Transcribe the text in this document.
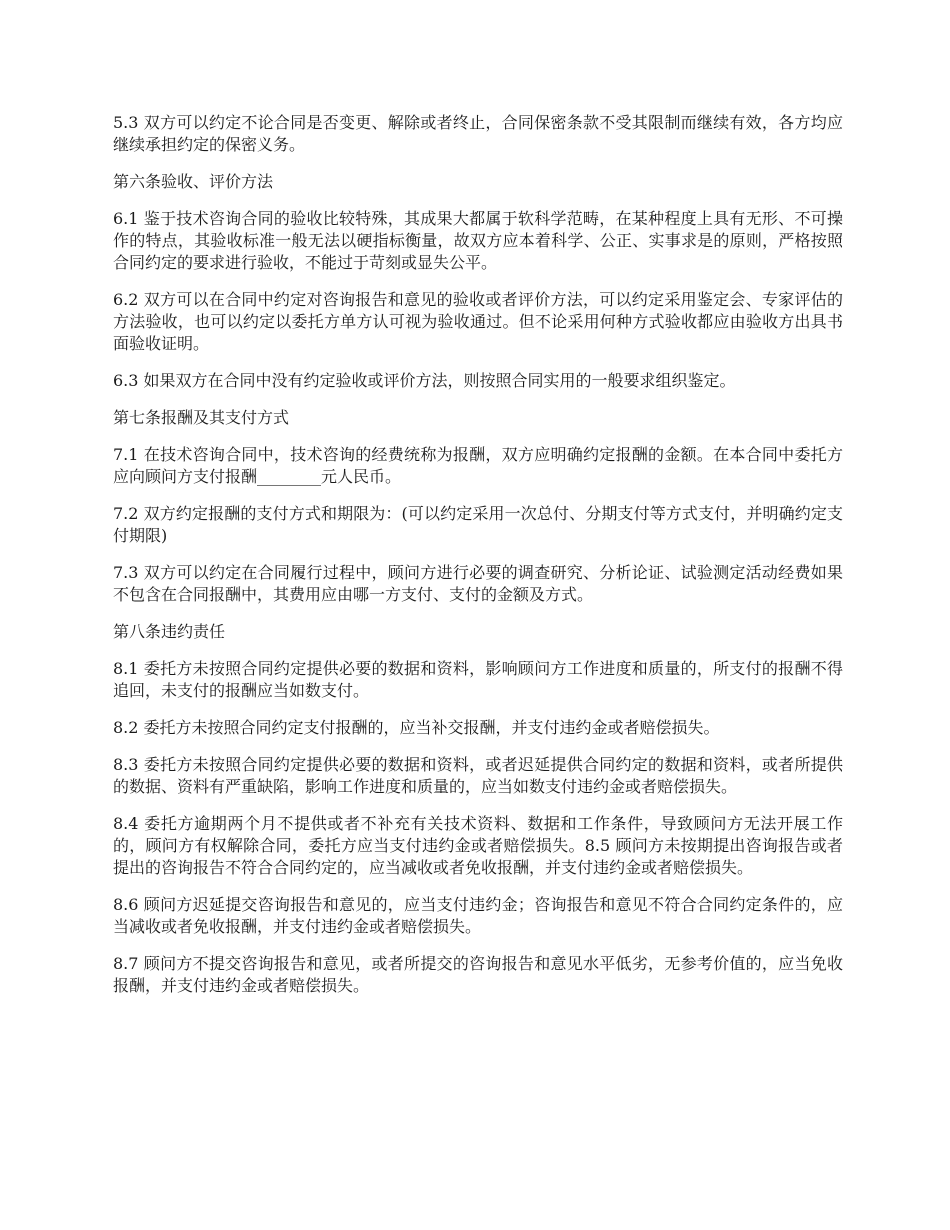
5.3 双方可以约定不论合同是否变更、解除或者终止，合同保密条款不受其限制而继续有效，各方均应继续承担约定的保密义务。

第六条验收、评价方法

6.1 鉴于技术咨询合同的验收比较特殊，其成果大都属于软科学范畴，在某种程度上具有无形、不可操作的特点，其验收标准一般无法以硬指标衡量，故双方应本着科学、公正、实事求是的原则，严格按照合同约定的要求进行验收，不能过于苛刻或显失公平。

6.2 双方可以在合同中约定对咨询报告和意见的验收或者评价方法，可以约定采用鉴定会、专家评估的方法验收，也可以约定以委托方单方认可视为验收通过。但不论采用何种方式验收都应由验收方出具书面验收证明。

6.3 如果双方在合同中没有约定验收或评价方法，则按照合同实用的一般要求组织鉴定。

第七条报酬及其支付方式

7.1 在技术咨询合同中，技术咨询的经费统称为报酬，双方应明确约定报酬的金额。在本合同中委托方应向顾问方支付报酬________元人民币。

7.2 双方约定报酬的支付方式和期限为：(可以约定采用一次总付、分期支付等方式支付，并明确约定支付期限)

7.3 双方可以约定在合同履行过程中，顾问方进行必要的调查研究、分析论证、试验测定活动经费如果不包含在合同报酬中，其费用应由哪一方支付、支付的金额及方式。

第八条违约责任

8.1 委托方未按照合同约定提供必要的数据和资料，影响顾问方工作进度和质量的，所支付的报酬不得追回，未支付的报酬应当如数支付。

8.2 委托方未按照合同约定支付报酬的，应当补交报酬，并支付违约金或者赔偿损失。

8.3 委托方未按照合同约定提供必要的数据和资料，或者迟延提供合同约定的数据和资料，或者所提供的数据、资料有严重缺陷，影响工作进度和质量的，应当如数支付违约金或者赔偿损失。

8.4 委托方逾期两个月不提供或者不补充有关技术资料、数据和工作条件，导致顾问方无法开展工作的，顾问方有权解除合同，委托方应当支付违约金或者赔偿损失。8.5 顾问方未按期提出咨询报告或者提出的咨询报告不符合合同约定的，应当减收或者免收报酬，并支付违约金或者赔偿损失。

8.6 顾问方迟延提交咨询报告和意见的，应当支付违约金；咨询报告和意见不符合合同约定条件的，应当减收或者免收报酬，并支付违约金或者赔偿损失。

8.7 顾问方不提交咨询报告和意见，或者所提交的咨询报告和意见水平低劣，无参考价值的，应当免收报酬，并支付违约金或者赔偿损失。
